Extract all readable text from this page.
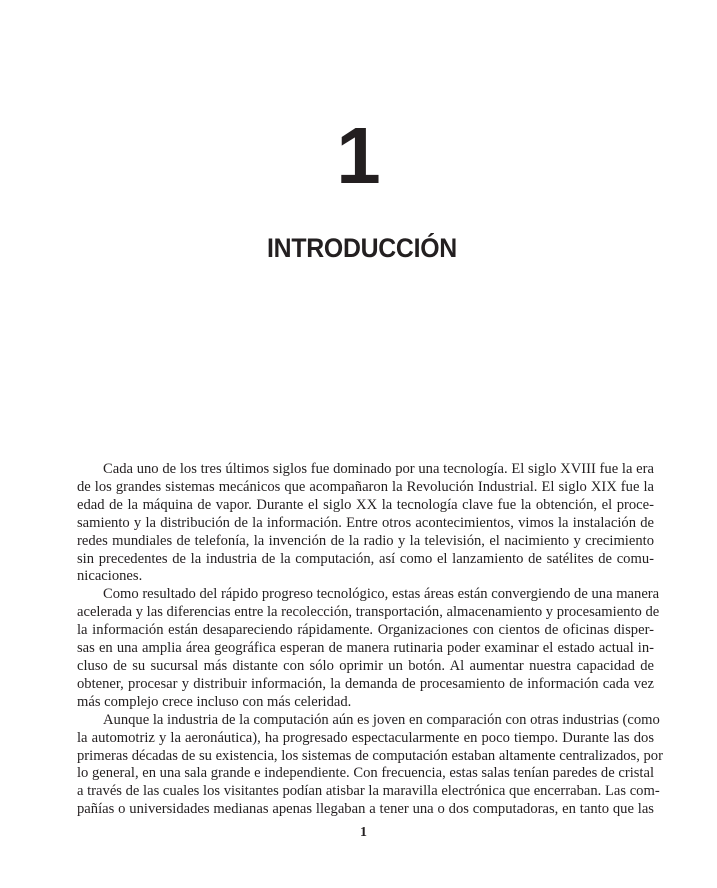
1
INTRODUCCIÓN
Cada uno de los tres últimos siglos fue dominado por una tecnología. El siglo XVIII fue la era
de los grandes sistemas mecánicos que acompañaron la Revolución Industrial. El siglo XIX fue la
edad de la máquina de vapor. Durante el siglo XX la tecnología clave fue la obtención, el proce-
samiento y la distribución de la información. Entre otros acontecimientos, vimos la instalación de
redes mundiales de telefonía, la invención de la radio y la televisión, el nacimiento y crecimiento
sin precedentes de la industria de la computación, así como el lanzamiento de satélites de comu-
nicaciones.
Como resultado del rápido progreso tecnológico, estas áreas están convergiendo de una manera
acelerada y las diferencias entre la recolección, transportación, almacenamiento y procesamiento de
la información están desapareciendo rápidamente. Organizaciones con cientos de oficinas disper-
sas en una amplia área geográfica esperan de manera rutinaria poder examinar el estado actual in-
cluso de su sucursal más distante con sólo oprimir un botón. Al aumentar nuestra capacidad de
obtener, procesar y distribuir información, la demanda de procesamiento de información cada vez
más complejo crece incluso con más celeridad.
Aunque la industria de la computación aún es joven en comparación con otras industrias (como
la automotriz y la aeronáutica), ha progresado espectacularmente en poco tiempo. Durante las dos
primeras décadas de su existencia, los sistemas de computación estaban altamente centralizados, por
lo general, en una sala grande e independiente. Con frecuencia, estas salas tenían paredes de cristal
a través de las cuales los visitantes podían atisbar la maravilla electrónica que encerraban. Las com-
pañías o universidades medianas apenas llegaban a tener una o dos computadoras, en tanto que las
1
